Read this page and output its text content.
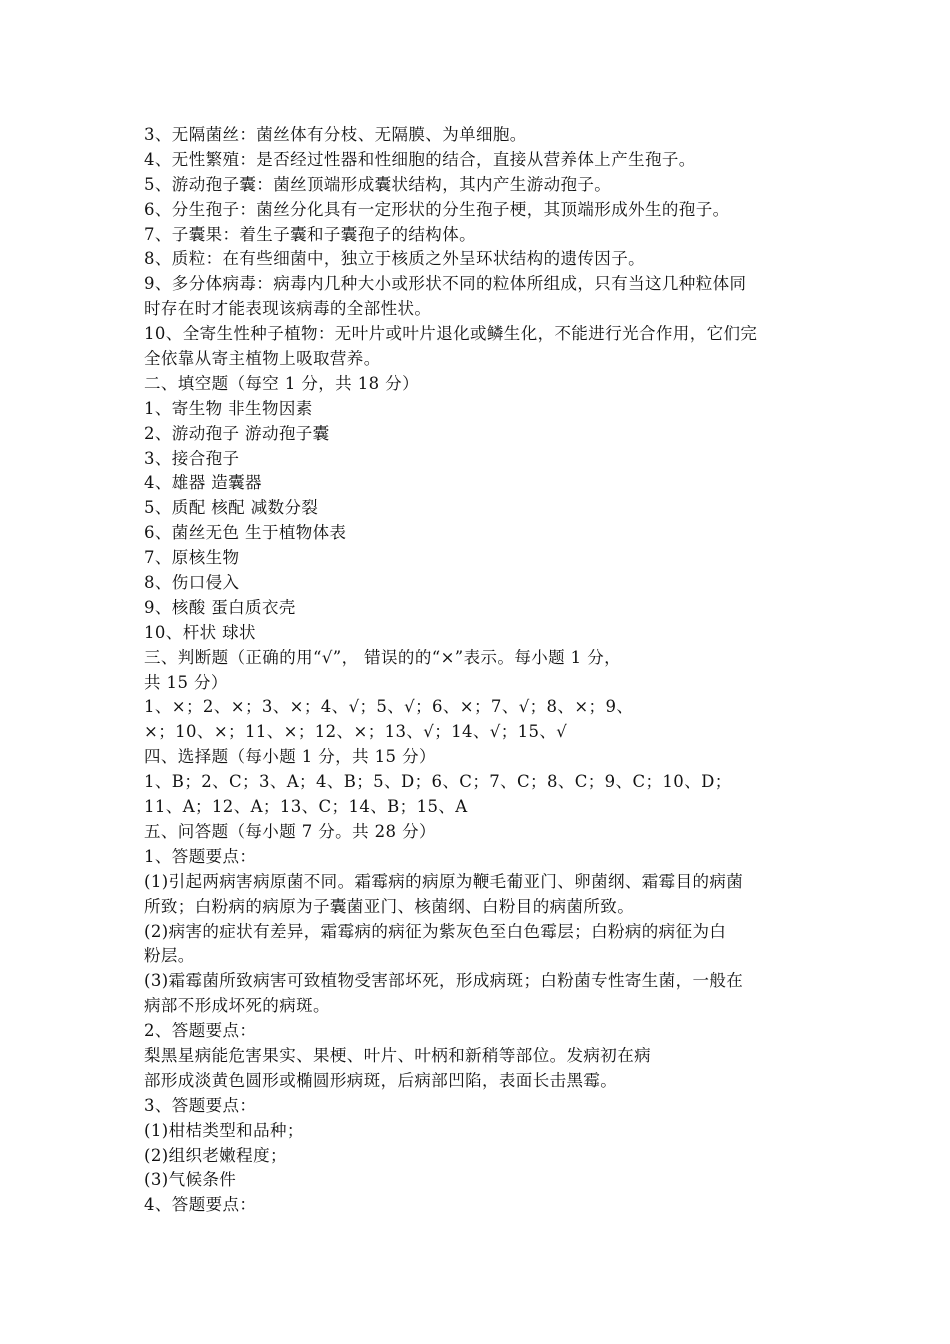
3、无隔菌丝：菌丝体有分枝、无隔膜、为单细胞。
4、无性繁殖：是否经过性器和性细胞的结合，直接从营养体上产生孢子。
5、游动孢子囊：菌丝顶端形成囊状结构，其内产生游动孢子。
6、分生孢子：菌丝分化具有一定形状的分生孢子梗，其顶端形成外生的孢子。
7、子囊果：着生子囊和子囊孢子的结构体。
8、质粒：在有些细菌中，独立于核质之外呈环状结构的遗传因子。
9、多分体病毒：病毒内几种大小或形状不同的粒体所组成，只有当这几种粒体同
时存在时才能表现该病毒的全部性状。
10、全寄生性种子植物：无叶片或叶片退化或鳞生化，不能进行光合作用，它们完
全依靠从寄主植物上吸取营养。
二、填空题（每空 1 分，共 18 分）
1、寄生物 非生物因素
2、游动孢子 游动孢子囊
3、接合孢子
4、雄器 造囊器
5、质配 核配 减数分裂
6、菌丝无色 生于植物体表
7、原核生物
8、伤口侵入
9、核酸 蛋白质衣壳
10、杆状 球状
三、判断题（正确的用“√”， 错误的的“×”表示。每小题 1 分，
共 15 分）
1、×；2、×；3、×；4、√；5、√；6、×；7、√；8、×；9、
×；10、×；11、×；12、×；13、√；14、√；15、√
四、选择题（每小题 1 分，共 15 分）
1、B；2、C；3、A；4、B；5、D；6、C；7、C；8、C；9、C；10、D；
11、A；12、A；13、C；14、B；15、A
五、问答题（每小题 7 分。共 28 分）
1、答题要点：
(1)引起两病害病原菌不同。霜霉病的病原为鞭毛葡亚门、卵菌纲、霜霉目的病菌
所致；白粉病的病原为子囊菌亚门、核菌纲、白粉目的病菌所致。
(2)病害的症状有差异，霜霉病的病征为紫灰色至白色霉层；白粉病的病征为白
粉层。
(3)霜霉菌所致病害可致植物受害部坏死，形成病斑；白粉菌专性寄生菌，一般在
病部不形成坏死的病斑。
2、答题要点：
梨黑星病能危害果实、果梗、叶片、叶柄和新稍等部位。发病初在病
部形成淡黄色圆形或椭圆形病斑，后病部凹陷，表面长击黑霉。
3、答题要点：
(1)柑桔类型和品种；
(2)组织老嫩程度；
(3)气候条件
4、答题要点：
